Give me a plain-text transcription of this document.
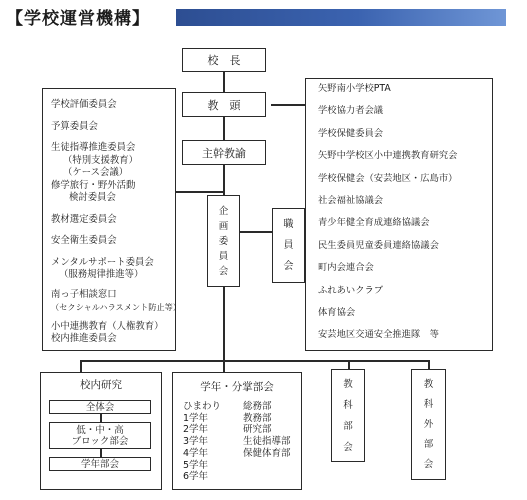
【学校運営機構】
校　長
教　頭
主幹教諭
企
画
委
員
会
職
員
会
学校評価委員会
予算委員会
生徒指導推進委員会
（特別支援教育）
（ケース会議）
修学旅行・野外活動
検討委員会
教材選定委員会
安全衛生委員会
メンタルサポート委員会
（服務規律推進等）
南っ子相談窓口
（セクシャルハラスメント防止等）
小中連携教育（人権教育）
校内推進委員会
矢野南小学校PTA
学校協力者会議
学校保健委員会
矢野中学校区小中連携教育研究会
学校保健会（安芸地区・広島市）
社会福祉協議会
青少年健全育成連絡協議会
民生委員児童委員連絡協議会
町内会連合会
ふれあいクラブ
体育協会
安芸地区交通安全推進隊　等
校内研究
全体会
低・中・高
ブロック部会
学年部会
学年・分掌部会
ひまわり
1学年
2学年
3学年
4学年
5学年
6学年
総務部
教務部
研究部
生徒指導部
保健体育部
教
科
部
会
教
科
外
部
会
